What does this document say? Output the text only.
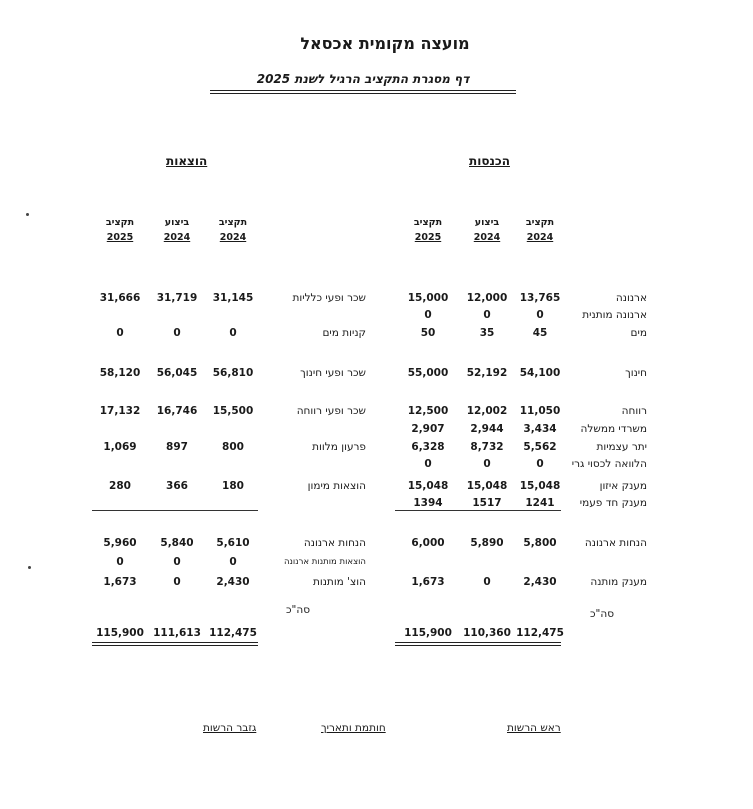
מועצה מקומית אכסאל
דף מסגרת התקציב הרגיל לשנת 2025
הכנסות
הוצאות
תקציב
2024
ביצוע
2024
תקציב
2025
תקציב
2024
ביצוע
2024
תקציב
2025
ארנונה
13,765
12,000
15,000
ארנונה מותנית
0
0
0
מים
45
35
50
חינוך
54,100
52,192
55,000
רווחה
11,050
12,002
12,500
משרדי ממשלה
3,434
2,944
2,907
יתר עצמיות
5,562
8,732
6,328
הלוואה לכסוי גרי
0
0
0
מענק איזון
15,048
15,048
15,048
מענק חד פעמי
1241
1517
1394
הנחות ארנונה
5,800
5,890
6,000
מענק מותנה
2,430
0
1,673
112,475
110,360
115,900
שכר ופעי כלליות
31,145
31,719
31,666
קניות מים
0
0
0
שכר ופעי חינוך
56,810
56,045
58,120
שכר ופעי רווחה
15,500
16,746
17,132
פרעון מלוות
800
897
1,069
הוצאות מימון
180
366
280
הנחות ארנונה
5,610
5,840
5,960
הוצאות מותנות ארנונה
0
0
0
הוצ' מותנות
2,430
0
1,673
112,475
111,613
115,900
סה"כ
סה"כ
ראש הרשות
חותמת ותאריך
גזבר הרשות
